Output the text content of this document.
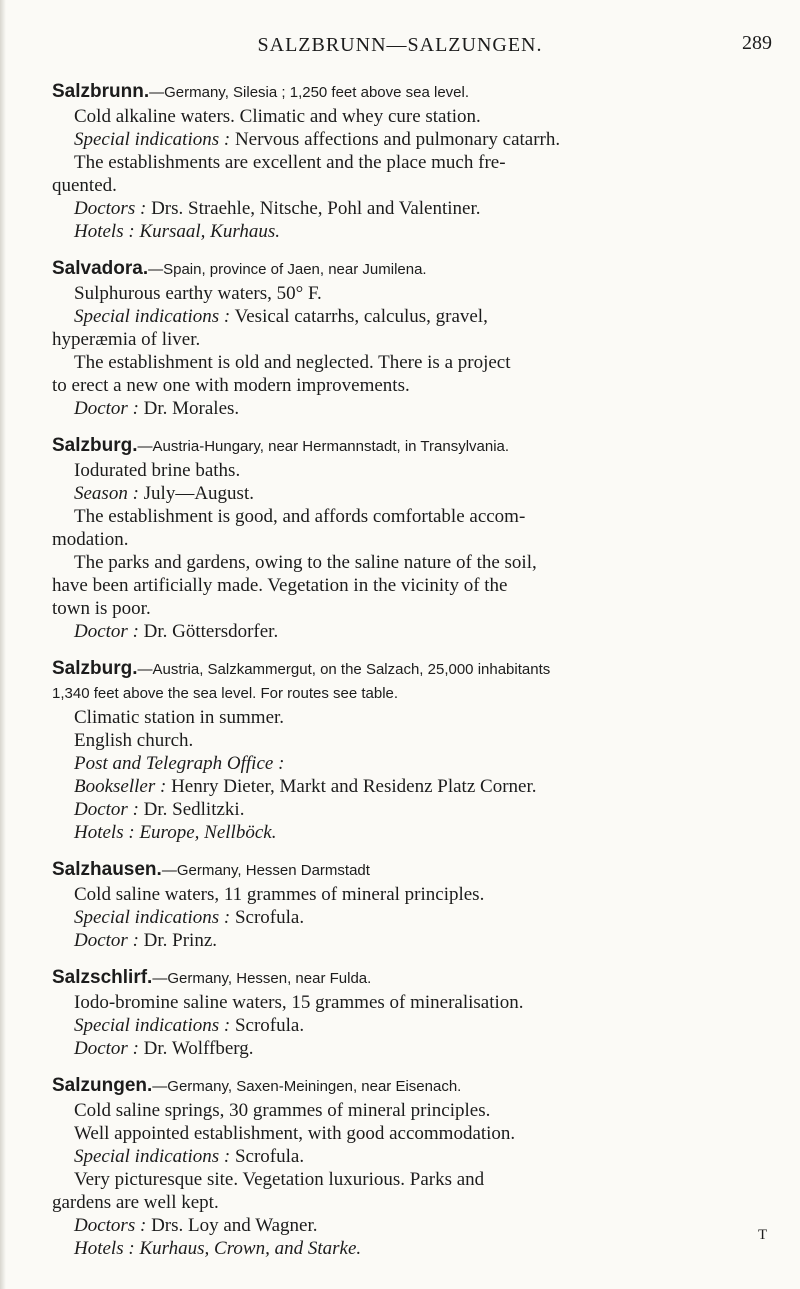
SALZBRUNN—SALZUNGEN.	289
Salzbrunn.—Germany, Silesia ; 1,250 feet above sea level.
Cold alkaline waters. Climatic and whey cure station.
Special indications : Nervous affections and pulmonary catarrh.
The establishments are excellent and the place much fre-
quented.
Doctors : Drs. Straehle, Nitsche, Pohl and Valentiner.
Hotels : Kursaal, Kurhaus.
Salvadora.—Spain, province of Jaen, near Jumilena.
Sulphurous earthy waters, 50° F.
Special indications : Vesical catarrhs, calculus, gravel,
hyperæmia of liver.
The establishment is old and neglected. There is a project
to erect a new one with modern improvements.
Doctor : Dr. Morales.
Salzburg.—Austria-Hungary, near Hermannstadt, in Transylvania.
Iodurated brine baths.
Season : July—August.
The establishment is good, and affords comfortable accom-
modation.
The parks and gardens, owing to the saline nature of the soil,
have been artificially made. Vegetation in the vicinity of the
town is poor.
Doctor : Dr. Göttersdorfer.
Salzburg.—Austria, Salzkammergut, on the Salzach, 25,000 inhabitants
1,340 feet above the sea level. For routes see table.
Climatic station in summer.
English church.
Post and Telegraph Office :
Bookseller : Henry Dieter, Markt and Residenz Platz Corner.
Doctor : Dr. Sedlitzki.
Hotels : Europe, Nellböck.
Salzhausen.—Germany, Hessen Darmstadt
Cold saline waters, 11 grammes of mineral principles.
Special indications : Scrofula.
Doctor : Dr. Prinz.
Salzschlirf.—Germany, Hessen, near Fulda.
Iodo-bromine saline waters, 15 grammes of mineralisation.
Special indications : Scrofula.
Doctor : Dr. Wolffberg.
Salzungen.—Germany, Saxen-Meiningen, near Eisenach.
Cold saline springs, 30 grammes of mineral principles.
Well appointed establishment, with good accommodation.
Special indications : Scrofula.
Very picturesque site. Vegetation luxurious. Parks and
gardens are well kept.
Doctors : Drs. Loy and Wagner.
Hotels : Kurhaus, Crown, and Starke.
T
